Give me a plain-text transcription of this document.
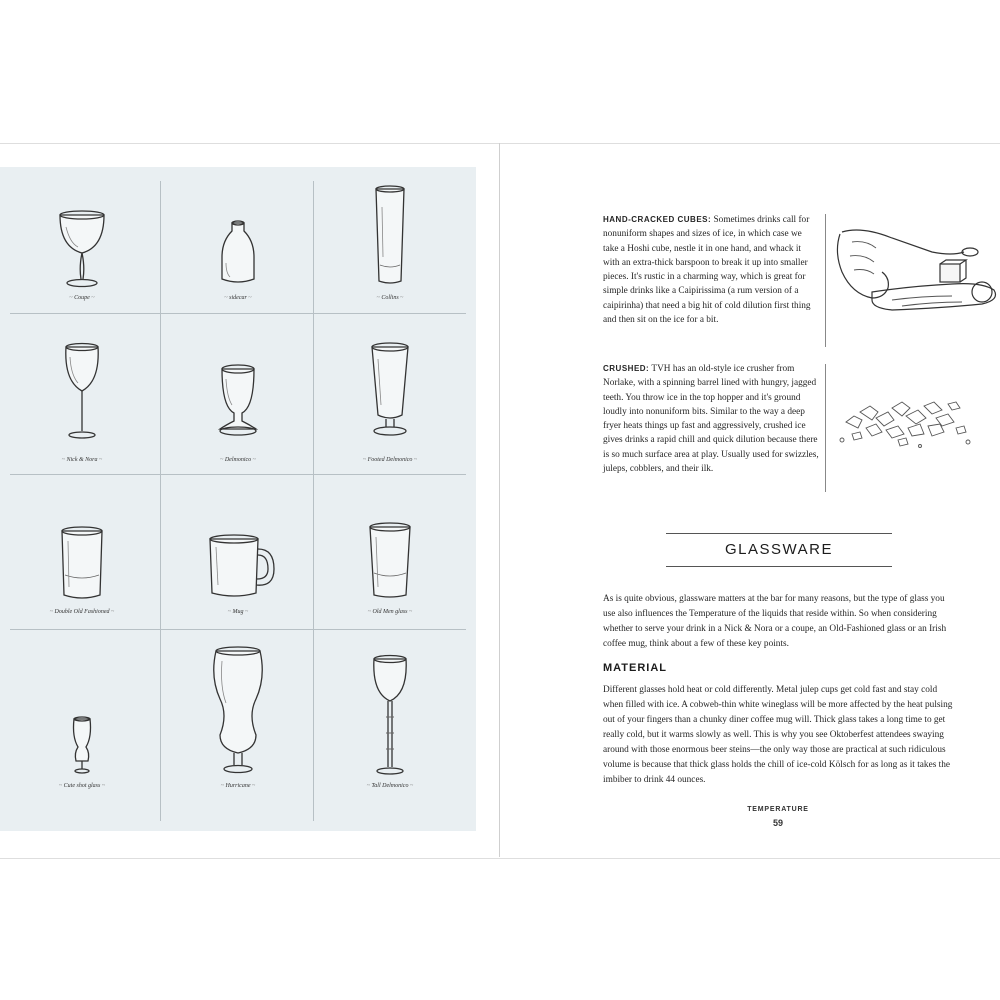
~ Coupe ~	~ sidecar ~	~ Collins ~
~ Nick & Nora ~	~ Delmonico ~	~ Footed Delmonico ~
~ Double Old Fashioned ~	~ Mug ~	~ Old Men glass ~
~ Cute shot glass ~	~ Hurricane ~	~ Tall Delmonico ~
HAND-CRACKED CUBES: Sometimes drinks call for nonuniform shapes and sizes of ice, in which case we take a Hoshi cube, nestle it in one hand, and whack it with an extra-thick barspoon to break it up into smaller pieces. It's rustic in a charming way, which is great for simple drinks like a Caipirissima (a rum version of a caipirinha) that need a big hit of cold dilution first thing and then sit on the ice for a bit.
CRUSHED: TVH has an old-style ice crusher from Norlake, with a spinning barrel lined with hungry, jagged teeth. You throw ice in the top hopper and it's ground loudly into nonuniform bits. Similar to the way a deep fryer heats things up fast and aggressively, crushed ice gives drinks a rapid chill and quick dilution because there is so much surface area at play. Usually used for swizzles, juleps, cobblers, and their ilk.
GLASSWARE
As is quite obvious, glassware matters at the bar for many reasons, but the type of glass you use also influences the Temperature of the liquids that reside within. So when considering whether to serve your drink in a Nick & Nora or a coupe, an Old-Fashioned glass or an Irish coffee mug, think about a few of these key points.
MATERIAL
Different glasses hold heat or cold differently. Metal julep cups get cold fast and stay cold when filled with ice. A cobweb-thin white wineglass will be more affected by the heat pulsing out of your fingers than a chunky diner coffee mug will. Thick glass takes a long time to get really cold, but it warms slowly as well. This is why you see Oktoberfest attendees swaying around with those enormous beer steins—the only way those are practical at such ridiculous volume is because that thick glass holds the chill of ice-cold Kölsch for as long as it takes the imbiber to drink 44 ounces.
TEMPERATURE
59
